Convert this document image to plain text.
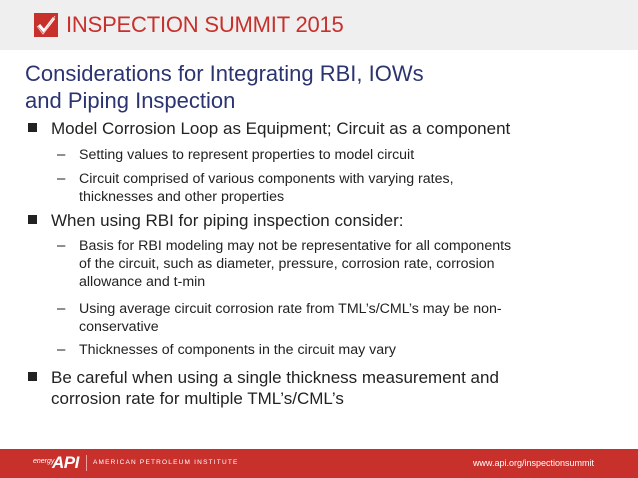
INSPECTION SUMMIT 2015
Considerations for Integrating RBI, IOWs
and Piping Inspection
Model Corrosion Loop as Equipment; Circuit as a component
– Setting values to represent properties to model circuit
– Circuit comprised of various components with varying rates,
thicknesses and other properties
When using RBI for piping inspection consider:
– Basis for RBI modeling may not be representative for all components
of the circuit, such as diameter, pressure, corrosion rate, corrosion
allowance and t-min
– Using average circuit corrosion rate from TML’s/CML’s may be non-
conservative
– Thicknesses of components in the circuit may vary
Be careful when using a single thickness measurement and
corrosion rate for multiple TML’s/CML’s
energy
API AMERICAN PETROLEUM INSTITUTE	www.api.org/inspectionsummit
